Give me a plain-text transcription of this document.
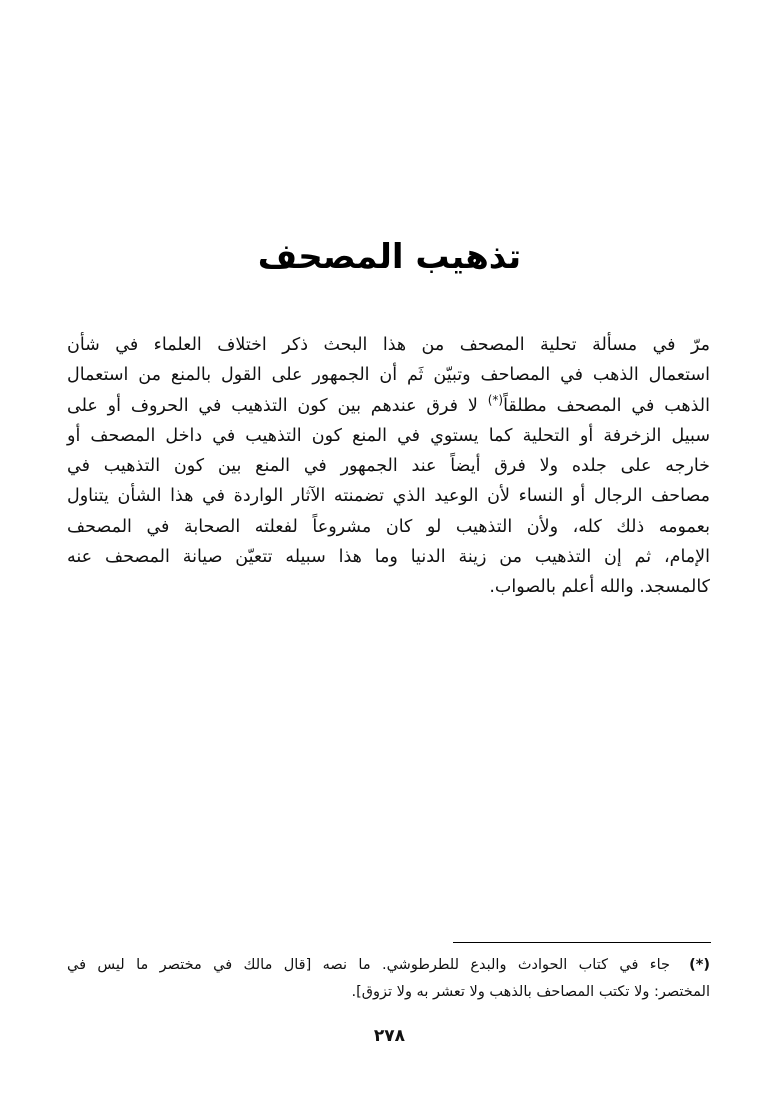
تذهيب المصحف
مرّ في مسألة تحلية المصحف من هذا البحث ذكر اختلاف العلماء في شأن
استعمال الذهب في المصاحف وتبيّن ثَم أن الجمهور على القول بالمنع من استعمال
الذهب في المصحف مطلقاً(*) لا فرق عندهم بين كون التذهيب في الحروف أو على
سبيل الزخرفة أو التحلية كما يستوي في المنع كون التذهيب في داخل المصحف أو
خارجه على جلده ولا فرق أيضاً عند الجمهور في المنع بين كون التذهيب في
مصاحف الرجال أو النساء لأن الوعيد الذي تضمنته الآثار الواردة في هذا الشأن يتناول
بعمومه ذلك كله، ولأن التذهيب لو كان مشروعاً لفعلته الصحابة في المصحف
الإمام، ثم إن التذهيب من زينة الدنيا وما هذا سبيله تتعيّن صيانة المصحف عنه
كالمسجد. والله أعلم بالصواب.
(*)جاء في كتاب الحوادث والبدع للطرطوشي. ما نصه [قال مالك في مختصر ما ليس في
المختصر: ولا تكتب المصاحف بالذهب ولا تعشر به ولا تزوق].
٢٧٨
